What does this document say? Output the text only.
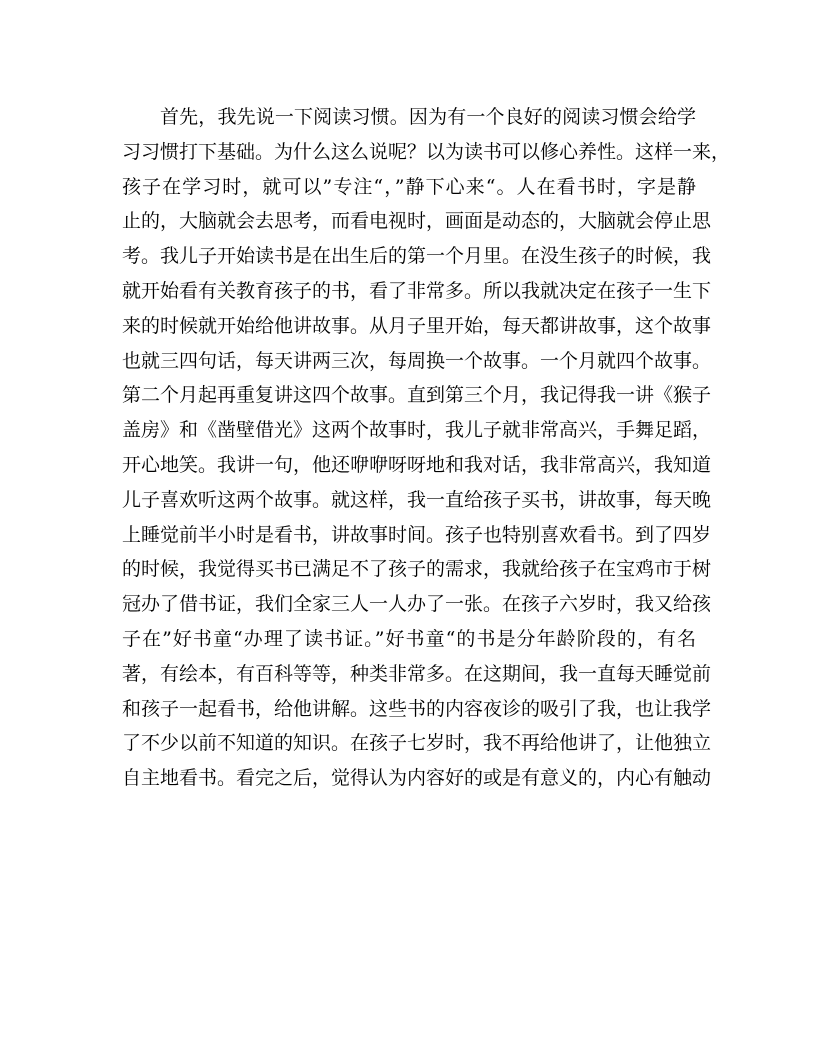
首先，我先说一下阅读习惯。因为有一个良好的阅读习惯会给学
习习惯打下基础。为什么这么说呢？以为读书可以修心养性。这样一来，
孩子在学习时，就可以”专注“，”静下心来“。人在看书时，字是静
止的，大脑就会去思考，而看电视时，画面是动态的，大脑就会停止思
考。我儿子开始读书是在出生后的第一个月里。在没生孩子的时候，我
就开始看有关教育孩子的书，看了非常多。所以我就决定在孩子一生下
来的时候就开始给他讲故事。从月子里开始，每天都讲故事，这个故事
也就三四句话，每天讲两三次，每周换一个故事。一个月就四个故事。
第二个月起再重复讲这四个故事。直到第三个月，我记得我一讲《猴子
盖房》和《凿壁借光》这两个故事时，我儿子就非常高兴，手舞足蹈，
开心地笑。我讲一句，他还咿咿呀呀地和我对话，我非常高兴，我知道
儿子喜欢听这两个故事。就这样，我一直给孩子买书，讲故事，每天晚
上睡觉前半小时是看书，讲故事时间。孩子也特别喜欢看书。到了四岁
的时候，我觉得买书已满足不了孩子的需求，我就给孩子在宝鸡市于树
冠办了借书证，我们全家三人一人办了一张。在孩子六岁时，我又给孩
子在”好书童“办理了读书证。”好书童“的书是分年龄阶段的，有名
著，有绘本，有百科等等，种类非常多。在这期间，我一直每天睡觉前
和孩子一起看书，给他讲解。这些书的内容夜诊的吸引了我，也让我学
了不少以前不知道的知识。在孩子七岁时，我不再给他讲了，让他独立
自主地看书。看完之后，觉得认为内容好的或是有意义的，内心有触动
